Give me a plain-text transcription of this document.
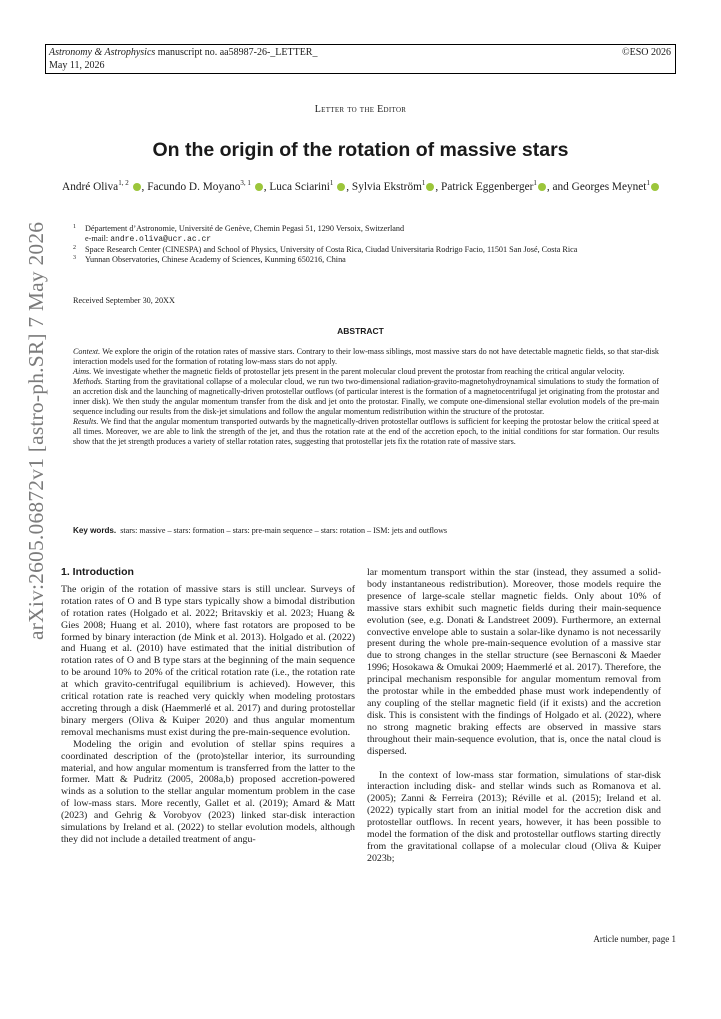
Astronomy & Astrophysics manuscript no. aa58987-26-_LETTER_
May 11, 2026
©ESO 2026
arXiv:2605.06872v1 [astro-ph.SR] 7 May 2026
Letter to the Editor
On the origin of the rotation of massive stars
André Oliva$^{1, 2}$ , Facundo D. Moyano$^{3, 1}$ , Luca Sciarini$^1$ , Sylvia Ekström$^1$ , Patrick Eggenberger$^1$ , and Georges Meynet$^1$
1 Département d’Astronomie, Université de Genève, Chemin Pegasi 51, 1290 Versoix, Switzerland
e-mail: andre.oliva@ucr.ac.cr
2 Space Research Center (CINESPA) and School of Physics, University of Costa Rica, Ciudad Universitaria Rodrigo Facio, 11501 San José, Costa Rica
3 Yunnan Observatories, Chinese Academy of Sciences, Kunming 650216, China
Received September 30, 20XX
ABSTRACT

Context. We explore the origin of the rotation rates of massive stars. Contrary to their low-mass siblings, most massive stars do not have detectable magnetic fields, so that star-disk interaction models used for the formation of rotating low-mass stars do not apply.

Aims. We investigate whether the magnetic fields of protostellar jets present in the parent molecular cloud prevent the protostar from reaching the critical angular velocity.

Methods. Starting from the gravitational collapse of a molecular cloud, we run two two-dimensional radiation-gravito-magnetohydroynamical simulations to study the formation of an accretion disk and the launching of magnetically-driven protostellar outflows (of particular interest is the formation of a magnetocentrifugal jet originating from the protostar and inner disk). We then study the angular momentum transfer from the disk and jet onto the protostar. Finally, we compute one-dimensional stellar evolution models of the pre-main sequence including our results from the disk-jet simulations and follow the angular momentum redistribution within the structure of the protostar.

Results. We find that the angular momentum transported outwards by the magnetically-driven protostellar outflows is sufficient for keeping the protostar below the critical speed at all times. Moreover, we are able to link the strength of the jet, and thus the rotation rate at the end of the accretion epoch, to the initial conditions for star formation. Our results show that the jet strength produces a variety of stellar rotation rates, suggesting that protostellar jets fix the rotation rate of massive stars.

Key words. stars: massive – stars: formation – stars: pre-main sequence – stars: rotation – ISM: jets and outflows
1. Introduction

The origin of the rotation of massive stars is still unclear. Surveys of rotation rates of O and B type stars typically show a bimodal distribution of rotation rates (Holgado et al. 2022; Britavskiy et al. 2023; Huang & Gies 2008; Huang et al. 2010), where fast rotators are proposed to be formed by binary interaction (de Mink et al. 2013). Holgado et al. (2022) and Huang et al. (2010) have estimated that the initial distribution of rotation rates of O and B type stars at the beginning of the main sequence to be around 10% to 20% of the critical rotation rate (i.e., the rotation rate at which gravito-centrifugal equilibrium is achieved). However, this critical rotation rate is reached very quickly when modeling protostars accreting through a disk (Haemmerlé et al. 2017) and during protostellar binary mergers (Oliva & Kuiper 2020) and thus angular momentum removal mechanisms must exist during the pre-main-sequence evolution.

Modeling the origin and evolution of stellar spins requires a coordinated description of the (proto)stellar interior, its surrounding material, and how angular momentum is transferred from the latter to the former. Matt & Pudritz (2005, 2008a,b) proposed accretion-powered winds as a solution to the stellar angular momentum problem in the case of low-mass stars. More recently, Gallet et al. (2019); Amard & Matt (2023) and Gehrig & Vorobyov (2023) linked star-disk interaction simulations by Ireland et al. (2022) to stellar evolution models, although they did not include a detailed treatment of angu-

lar momentum transport within the star (instead, they assumed a solid-body instantaneous redistribution). Moreover, those models require the presence of large-scale stellar magnetic fields. Only about 10% of massive stars exhibit such magnetic fields during their main-sequence evolution (see, e.g. Donati & Landstreet 2009). Furthermore, an external convective envelope able to sustain a solar-like dynamo is not necessarily present during the whole pre-main-sequence evolution of a massive star due to strong changes in the stellar structure (see Bernasconi & Maeder 1996; Hosokawa & Omukai 2009; Haemmerlé et al. 2017). Therefore, the principal mechanism responsible for angular momentum removal from the protostar while in the embedded phase must work independently of any coupling of the stellar magnetic field (if it exists) and the accretion disk. This is consistent with the findings of Holgado et al. (2022), where no strong magnetic braking effects are observed in massive stars throughout their main-sequence evolution, that is, once the natal cloud is dispersed.

In the context of low-mass star formation, simulations of star-disk interaction including disk- and stellar winds such as Romanova et al. (2005); Zanni & Ferreira (2013); Réville et al. (2015); Ireland et al. (2022) typically start from an initial model for the accretion disk and protostellar outflows. In recent years, however, it has been possible to model the formation of the disk and protostellar outflows starting directly from the gravitational collapse of a molecular cloud (Oliva & Kuiper 2023b;

Article number, page 1
